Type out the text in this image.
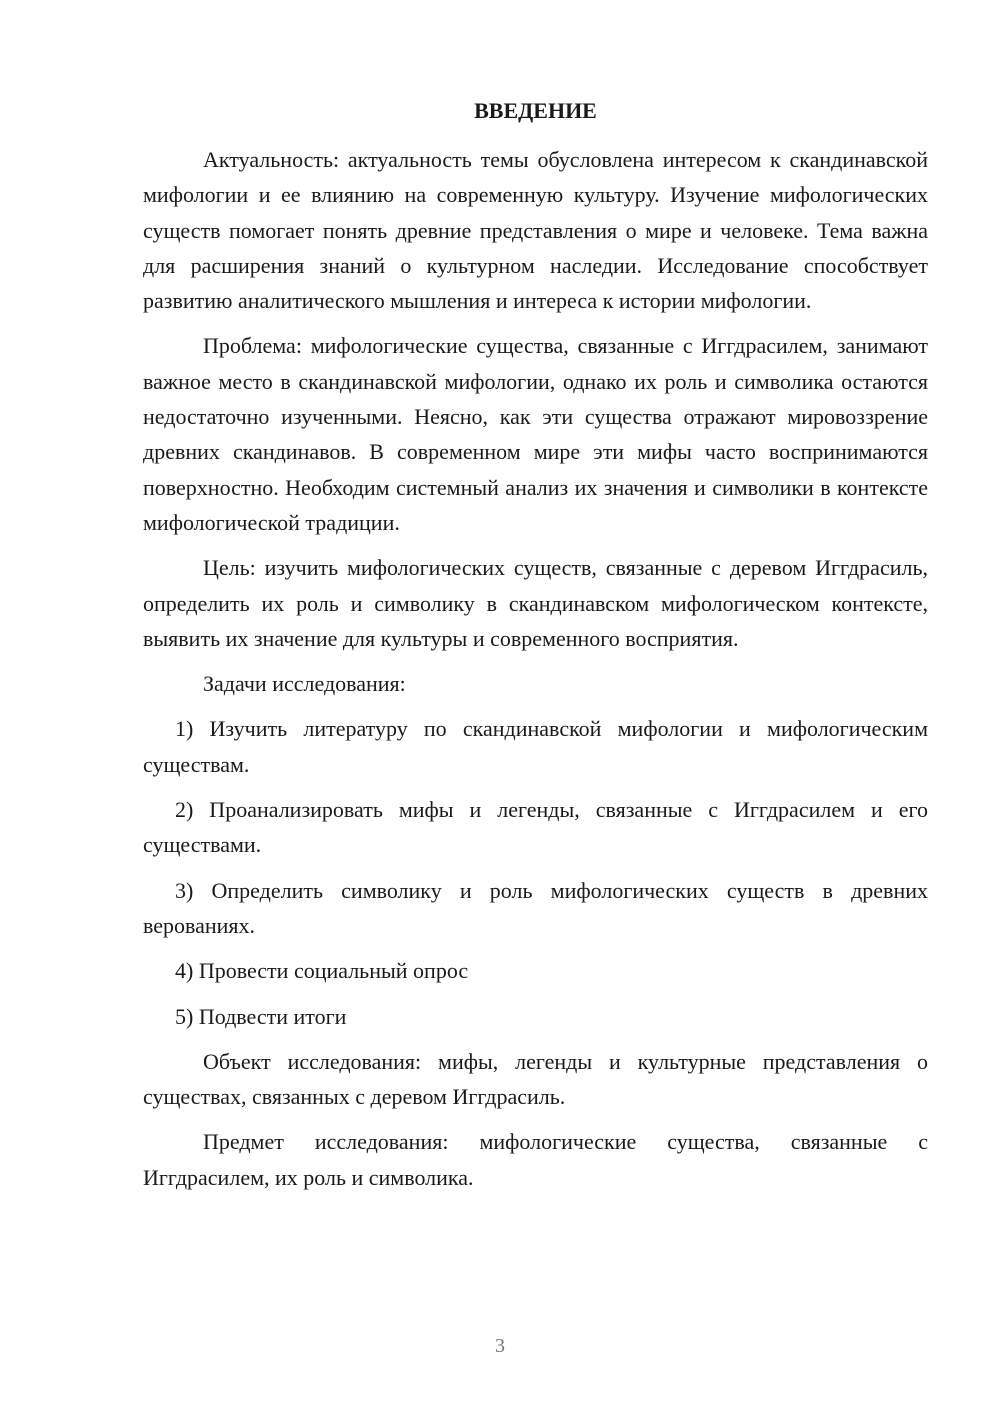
ВВЕДЕНИЕ

Актуальность: актуальность темы обусловлена интересом к скандинавской мифологии и ее влиянию на современную культуру. Изучение мифологических существ помогает понять древние представления о мире и человеке. Тема важна для расширения знаний о культурном наследии. Исследование способствует развитию аналитического мышления и интереса к истории мифологии.

Проблема: мифологические существа, связанные с Иггдрасилем, занимают важное место в скандинавской мифологии, однако их роль и символика остаются недостаточно изученными. Неясно, как эти существа отражают мировоззрение древних скандинавов. В современном мире эти мифы часто воспринимаются поверхностно. Необходим системный анализ их значения и символики в контексте мифологической традиции.

Цель: изучить мифологических существ, связанные с деревом Иггдрасиль, определить их роль и символику в скандинавском мифологическом контексте, выявить их значение для культуры и современного восприятия.

Задачи исследования:

1) Изучить литературу по скандинавской мифологии и мифологическим существам.

2) Проанализировать мифы и легенды, связанные с Иггдрасилем и его существами.

3) Определить символику и роль мифологических существ в древних верованиях.

4) Провести социальный опрос

5) Подвести итоги

Объект исследования: мифы, легенды и культурные представления о существах, связанных с деревом Иггдрасиль.

Предмет исследования: мифологические существа, связанные с Иггдрасилем, их роль и символика.

3
